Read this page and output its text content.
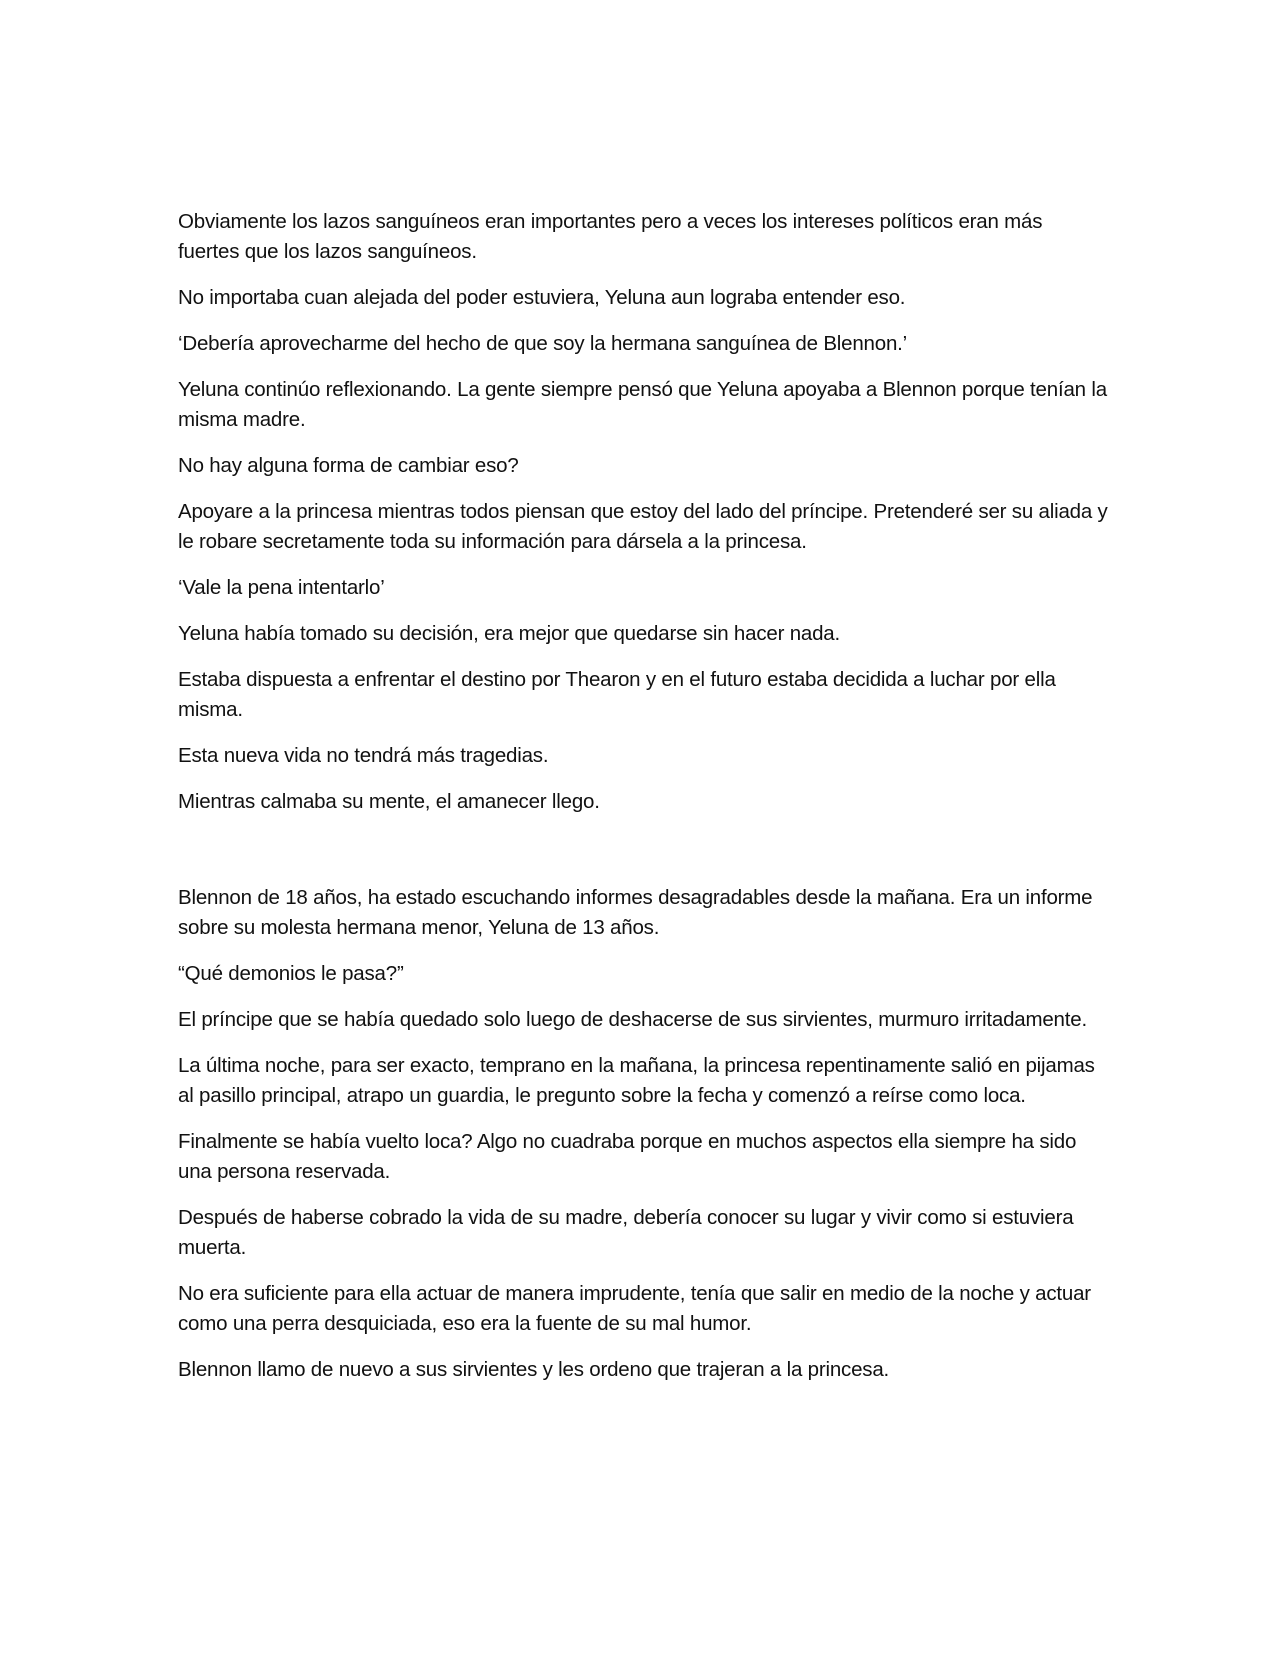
Obviamente los lazos sanguíneos eran importantes pero a veces los intereses políticos eran más fuertes que los lazos sanguíneos.

No importaba cuan alejada del poder estuviera, Yeluna aun lograba entender eso.

‘Debería aprovecharme del hecho de que soy la hermana sanguínea de Blennon.’

Yeluna continúo reflexionando. La gente siempre pensó que Yeluna apoyaba a Blennon porque tenían la misma madre.

No hay alguna forma de cambiar eso?

Apoyare a la princesa mientras todos piensan que estoy del lado del príncipe. Pretenderé ser su aliada y le robare secretamente toda su información para dársela a la princesa.

‘Vale la pena intentarlo’

Yeluna había tomado su decisión, era mejor que quedarse sin hacer nada.

Estaba dispuesta a enfrentar el destino por Thearon y en el futuro estaba decidida a luchar por ella misma.

Esta nueva vida no tendrá más tragedias.

Mientras calmaba su mente, el amanecer llego.

Blennon de 18 años, ha estado escuchando informes desagradables desde la mañana. Era un informe sobre su molesta hermana menor, Yeluna de 13 años.

“Qué demonios le pasa?”

El príncipe que se había quedado solo luego de deshacerse de sus sirvientes, murmuro irritadamente.

La última noche, para ser exacto, temprano en la mañana, la princesa repentinamente salió en pijamas al pasillo principal, atrapo un guardia, le pregunto sobre la fecha y comenzó a reírse como loca.

Finalmente se había vuelto loca? Algo no cuadraba porque en muchos aspectos ella siempre ha sido una persona reservada.

Después de haberse cobrado la vida de su madre, debería conocer su lugar y vivir como si estuviera muerta.

No era suficiente para ella actuar de manera imprudente, tenía que salir en medio de la noche y actuar como una perra desquiciada, eso era la fuente de su mal humor.

Blennon llamo de nuevo a sus sirvientes y les ordeno que trajeran a la princesa.
